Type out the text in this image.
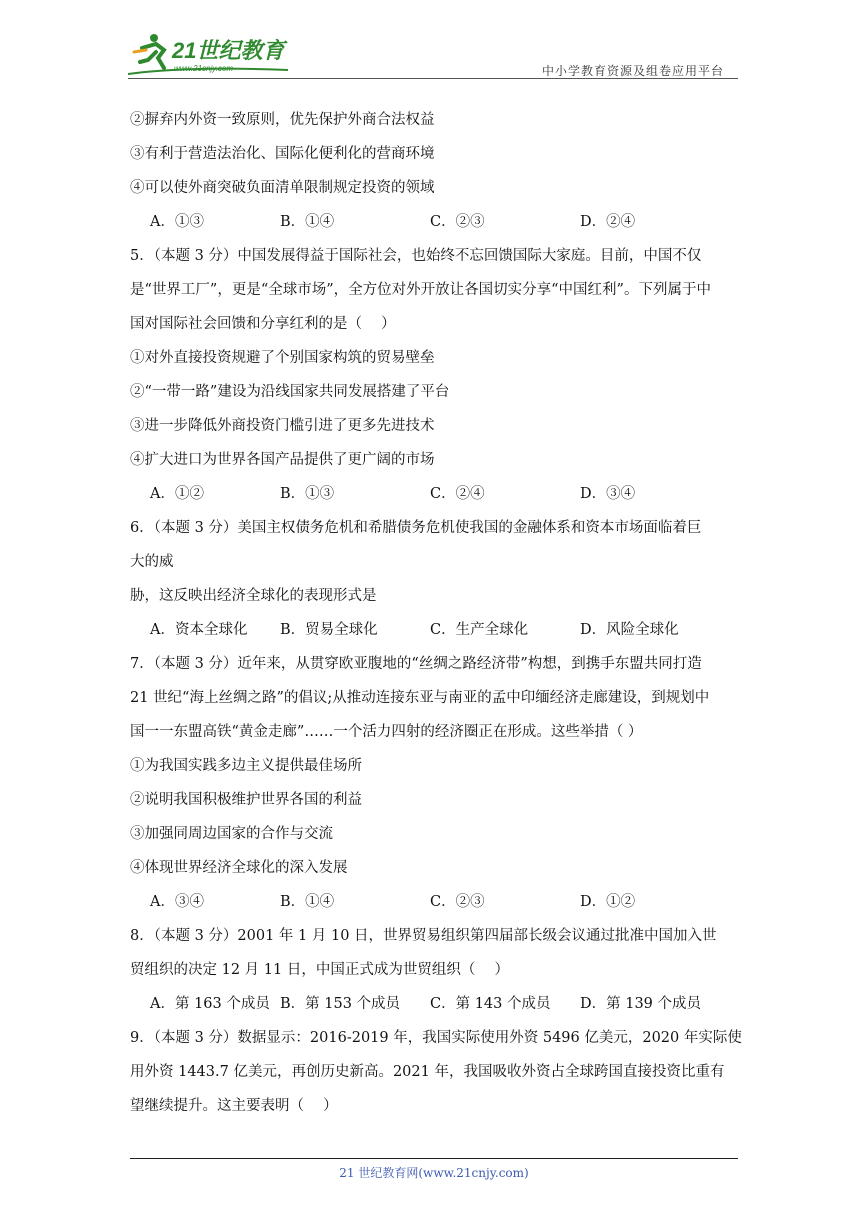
21世纪教育
www.21cnjy.com	中小学教育资源及组卷应用平台
②摒弃内外资一致原则，优先保护外商合法权益
③有利于营造法治化、国际化便利化的营商环境
④可以使外商突破负面清单限制规定投资的领域
A．①③	B．①④	C．②③	D．②④
5．（本题 3 分）中国发展得益于国际社会，也始终不忘回馈国际大家庭。目前，中国不仅
是“世界工厂”，更是“全球市场”，全方位对外开放让各国切实分享“中国红利”。下列属于中
国对国际社会回馈和分享红利的是（　 ）
①对外直接投资规避了个别国家构筑的贸易壁垒
②“一带一路”建设为沿线国家共同发展搭建了平台
③进一步降低外商投资门槛引进了更多先进技术
④扩大进口为世界各国产品提供了更广阔的市场
A．①②	B．①③	C．②④	D．③④
6．（本题 3 分）美国主权债务危机和希腊债务危机使我国的金融体系和资本市场面临着巨
大的威
胁，这反映出经济全球化的表现形式是
A．资本全球化 B．贸易全球化	C．生产全球化	D．风险全球化
7．（本题 3 分）近年来，从贯穿欧亚腹地的“丝绸之路经济带”构想，到携手东盟共同打造
21 世纪“海上丝绸之路”的倡议;从推动连接东亚与南亚的孟中印缅经济走廊建设，到规划中
国一一东盟高铁“黄金走廊”……一个活力四射的经济圈正在形成。这些举措（ ）
①为我国实践多边主义提供最佳场所
②说明我国积极维护世界各国的利益
③加强同周边国家的合作与交流
④体现世界经济全球化的深入发展
A．③④	B．①④	C．②③	D．①②
8．（本题 3 分）2001 年 1 月 10 日，世界贸易组织第四届部长级会议通过批准中国加入世
贸组织的决定 12 月 11 日，中国正式成为世贸组织（　 ）
A．第 163 个成员 B．第 153 个成员 C．第 143 个成员 D．第 139 个成员
9．（本题 3 分）数据显示：2016-2019 年，我国实际使用外资 5496 亿美元，2020 年实际使
用外资 1443.7 亿美元，再创历史新高。2021 年，我国吸收外资占全球跨国直接投资比重有
望继续提升。这主要表明（　 ）
21 世纪教育网(www.21cnjy.com)
